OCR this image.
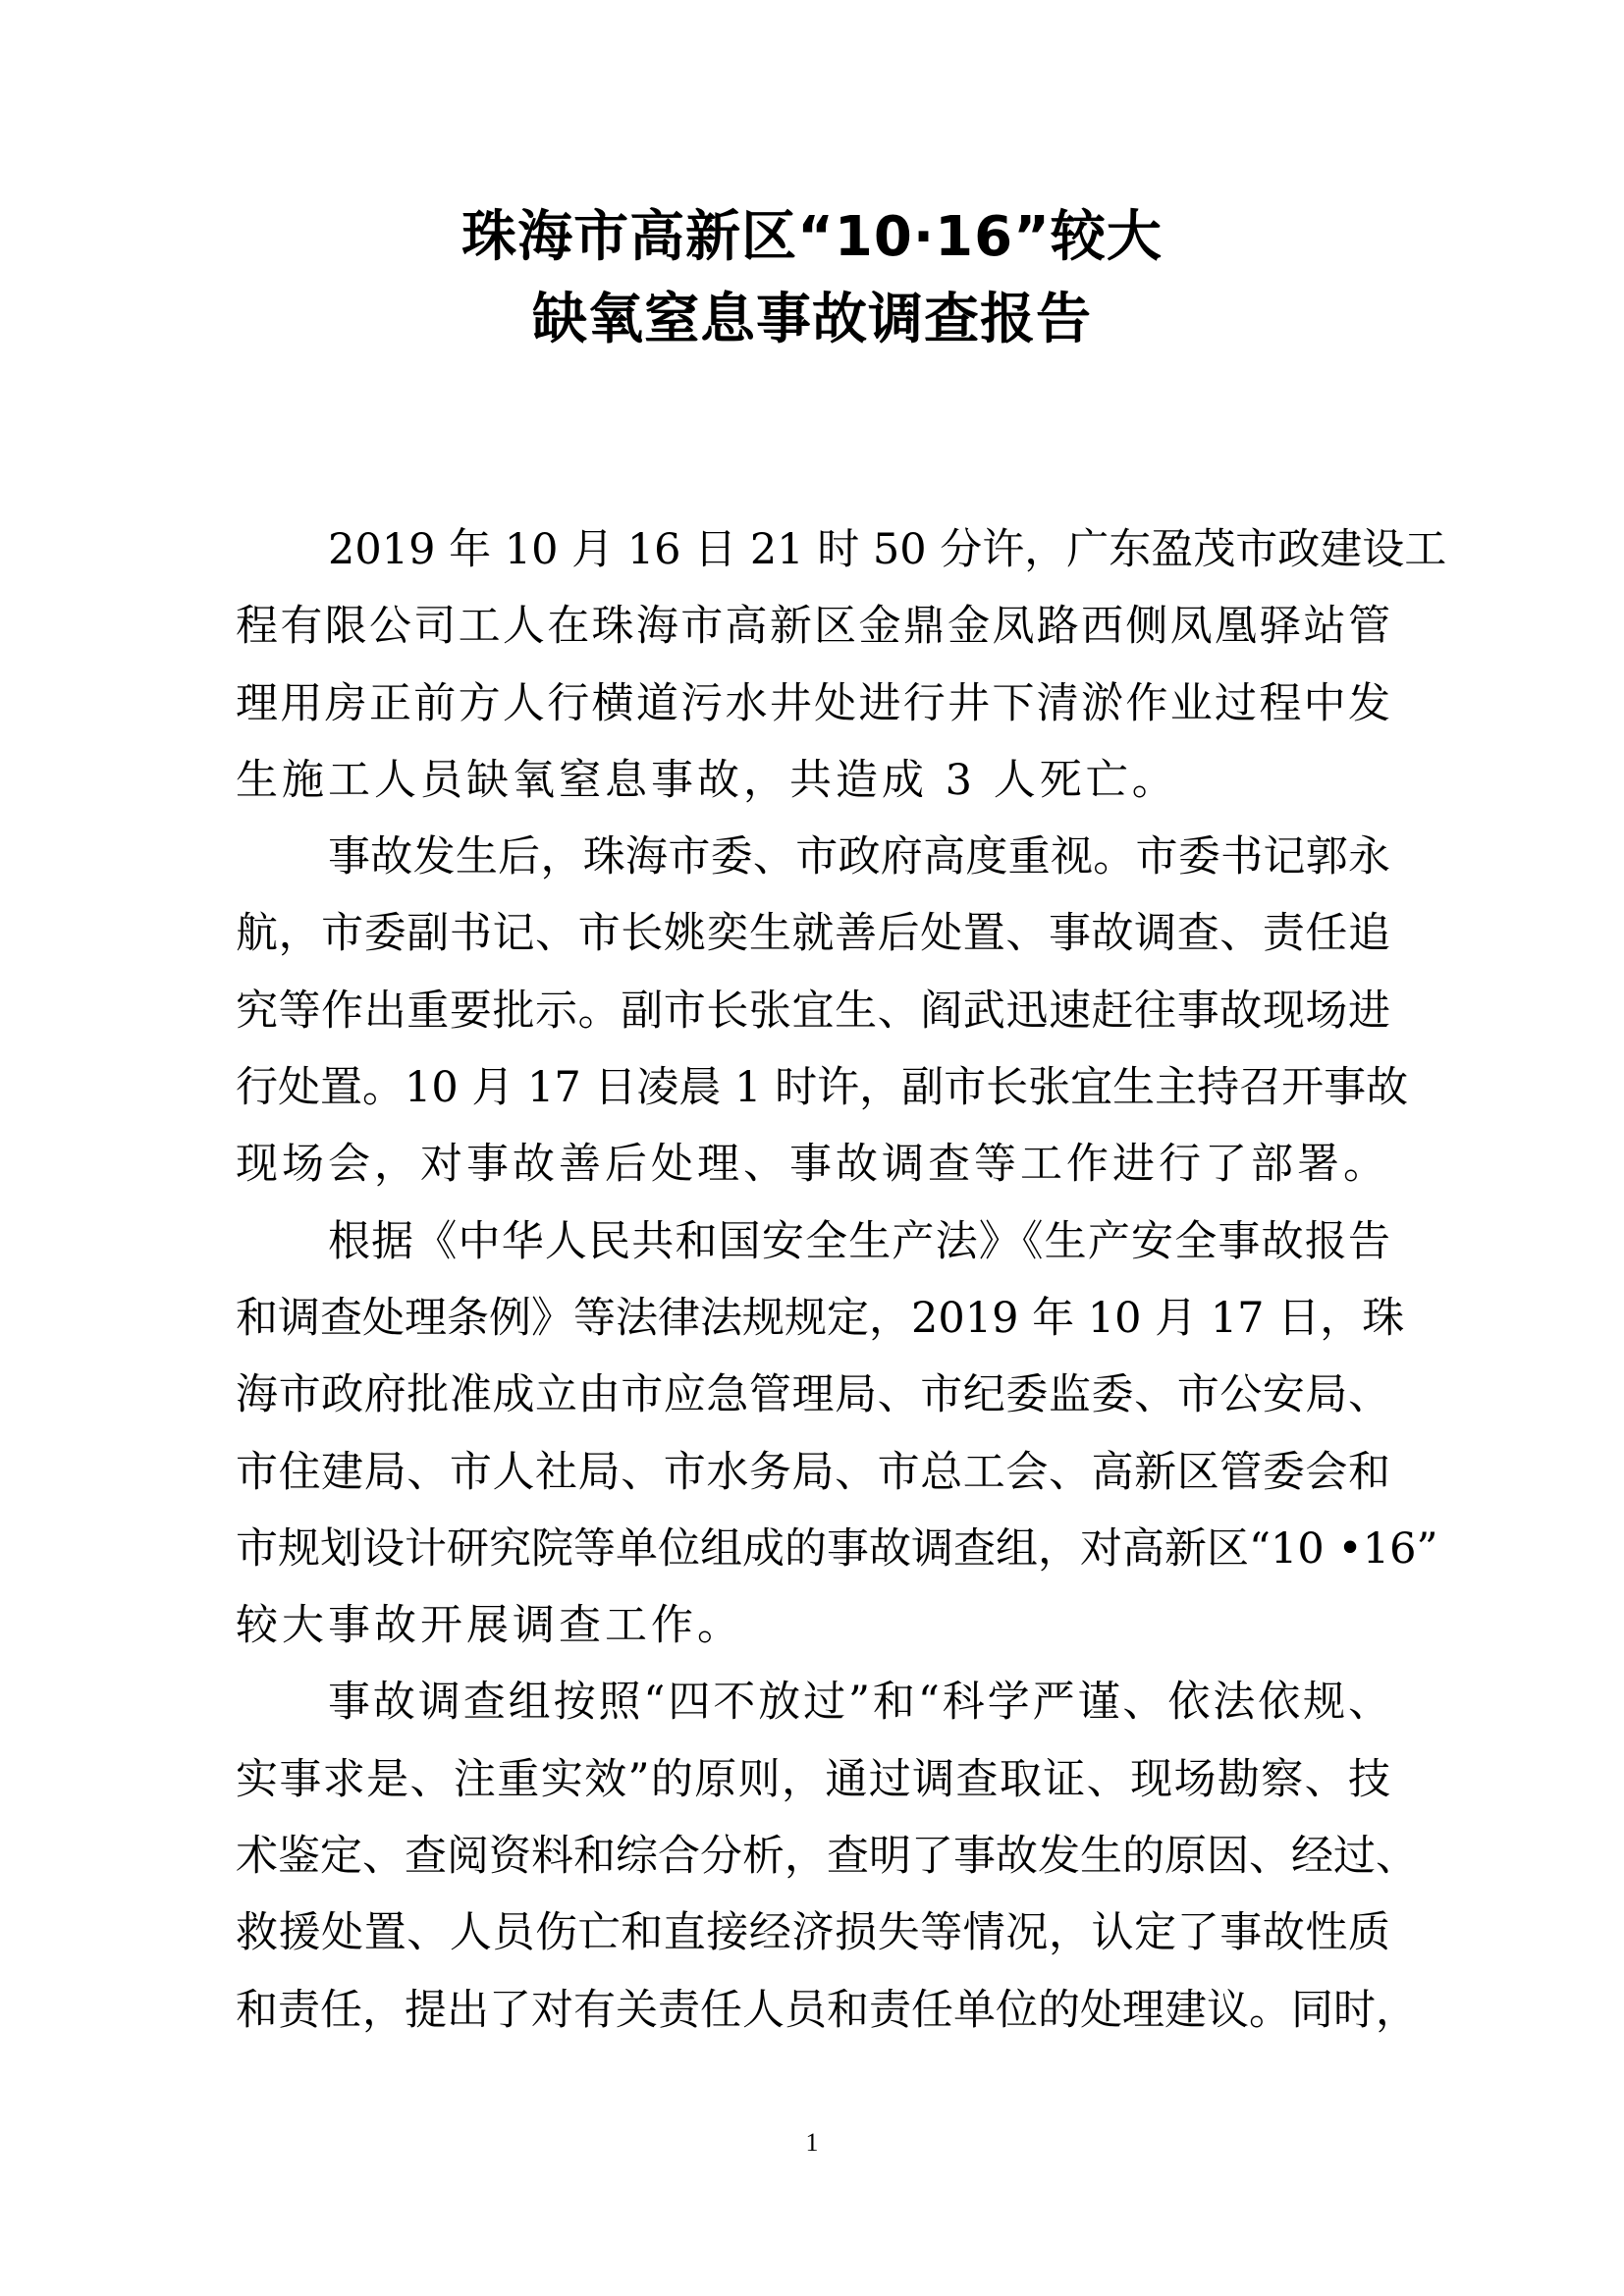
珠海市高新区“10·16”较大
缺氧窒息事故调查报告
2019 年 10 月 16 日 21 时 50 分许，广东盈茂市政建设工
程有限公司工人在珠海市高新区金鼎金凤路西侧凤凰驿站管
理用房正前方人行横道污水井处进行井下清淤作业过程中发
生施工人员缺氧窒息事故，共造成 3 人死亡。
事故发生后，珠海市委、市政府高度重视。市委书记郭永
航，市委副书记、市长姚奕生就善后处置、事故调查、责任追
究等作出重要批示。副市长张宜生、阎武迅速赶往事故现场进
行处置。10 月 17 日凌晨 1 时许，副市长张宜生主持召开事故
现场会，对事故善后处理、事故调查等工作进行了部署。
根据《中华人民共和国安全生产法》《生产安全事故报告
和调查处理条例》等法律法规规定，2019 年 10 月 17 日，珠
海市政府批准成立由市应急管理局、市纪委监委、市公安局、
市住建局、市人社局、市水务局、市总工会、高新区管委会和
市规划设计研究院等单位组成的事故调查组，对高新区“10 •16”
较大事故开展调查工作。
事故调查组按照“四不放过”和“科学严谨、依法依规、
实事求是、注重实效”的原则，通过调查取证、现场勘察、技
术鉴定、查阅资料和综合分析，查明了事故发生的原因、经过、
救援处置、人员伤亡和直接经济损失等情况，认定了事故性质
和责任，提出了对有关责任人员和责任单位的处理建议。同时，
1
